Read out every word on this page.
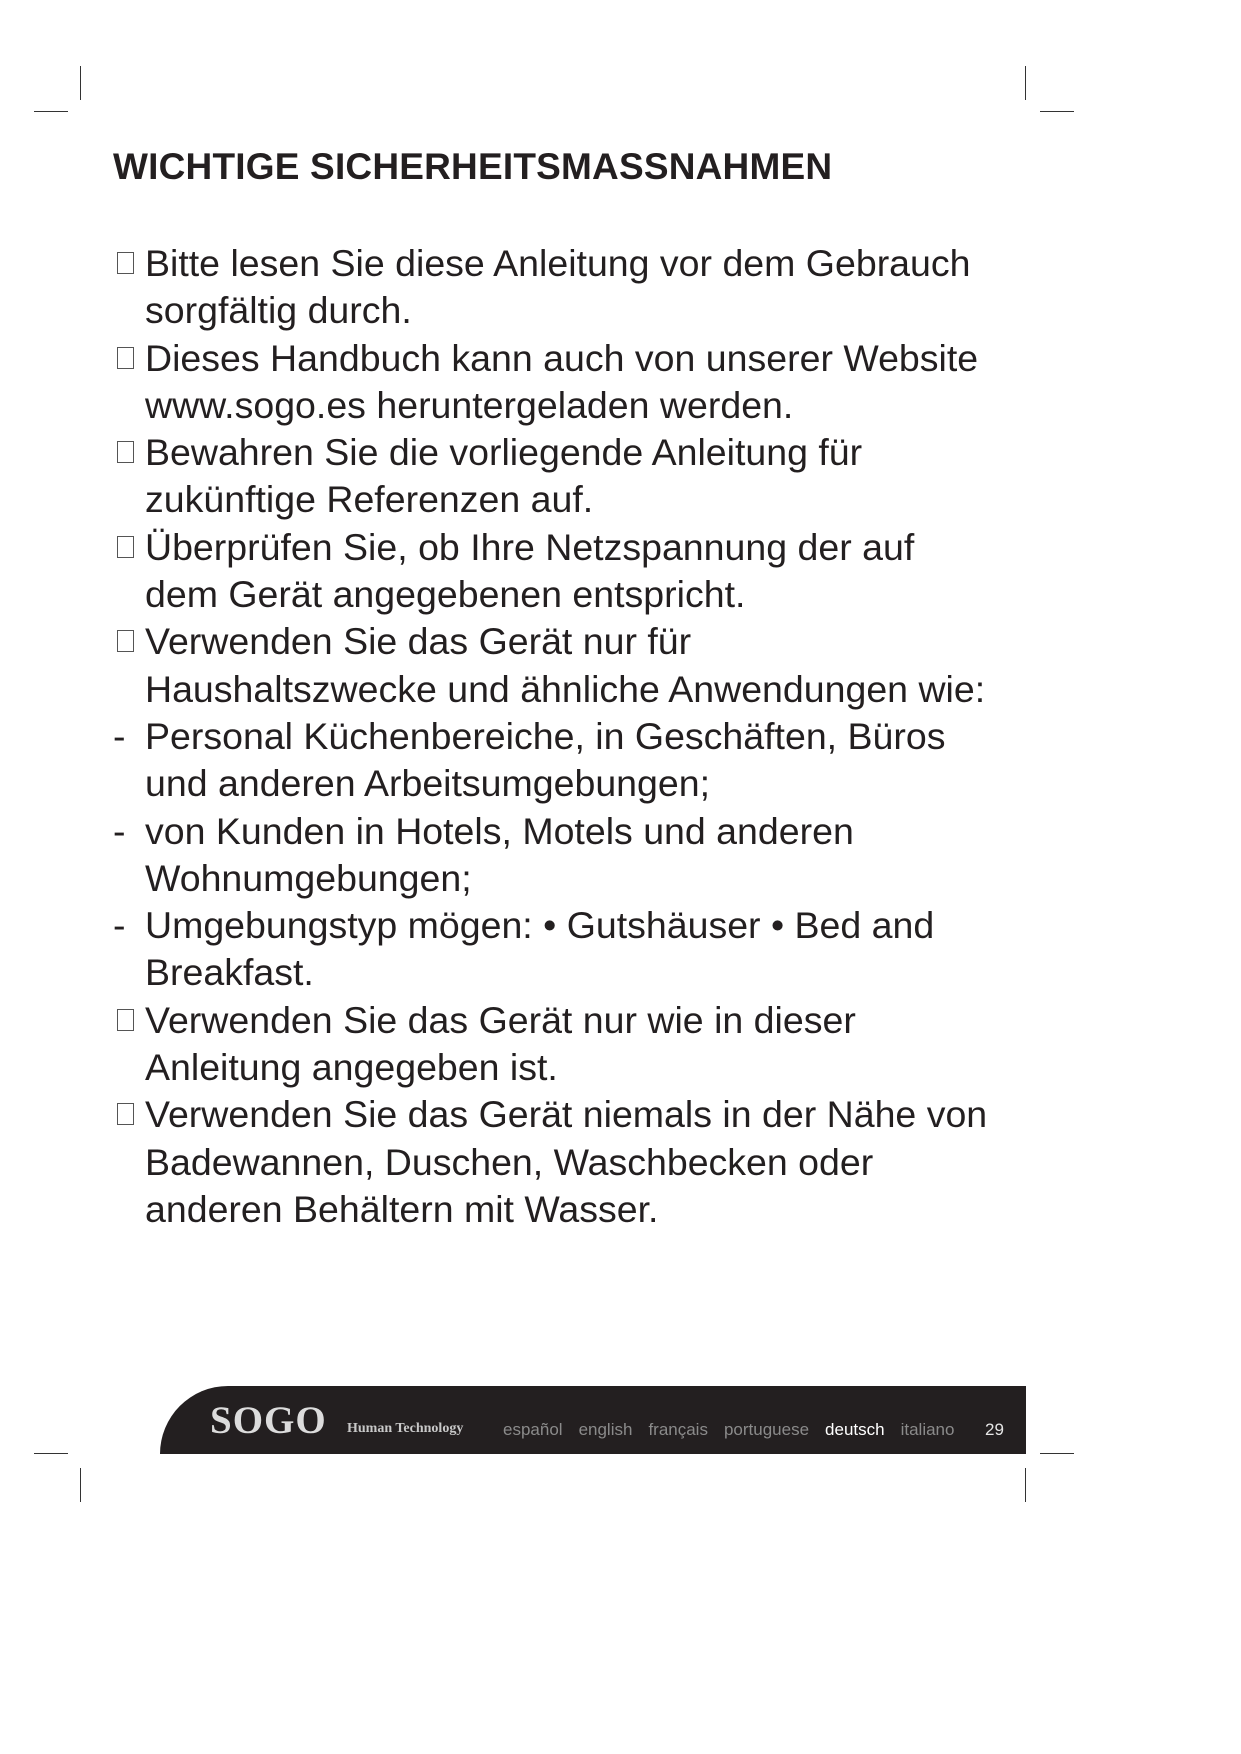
WICHTIGE SICHERHEITSMASSNAHMEN
Bitte lesen Sie diese Anleitung vor dem Gebrauch sorgfältig durch.
Dieses Handbuch kann auch von unserer Website www.sogo.es heruntergeladen werden.
Bewahren Sie die vorliegende Anleitung für zukünftige Referenzen auf.
Überprüfen Sie, ob Ihre Netzspannung der auf dem Gerät angegebenen entspricht.
Verwenden Sie das Gerät nur für Haushaltszwecke und ähnliche Anwendungen wie:
- Personal Küchenbereiche, in Geschäften, Büros und anderen Arbeitsumgebungen;
- von Kunden in Hotels, Motels und anderen Wohnumgebungen;
- Umgebungstyp mögen: • Gutshäuser • Bed and Breakfast.
Verwenden Sie das Gerät nur wie in dieser Anleitung angegeben ist.
Verwenden Sie das Gerät niemals in der Nähe von Badewannen, Duschen, Waschbecken oder anderen Behältern mit Wasser.
SOGO Human Technology español english français portuguese deutsch italiano 29
